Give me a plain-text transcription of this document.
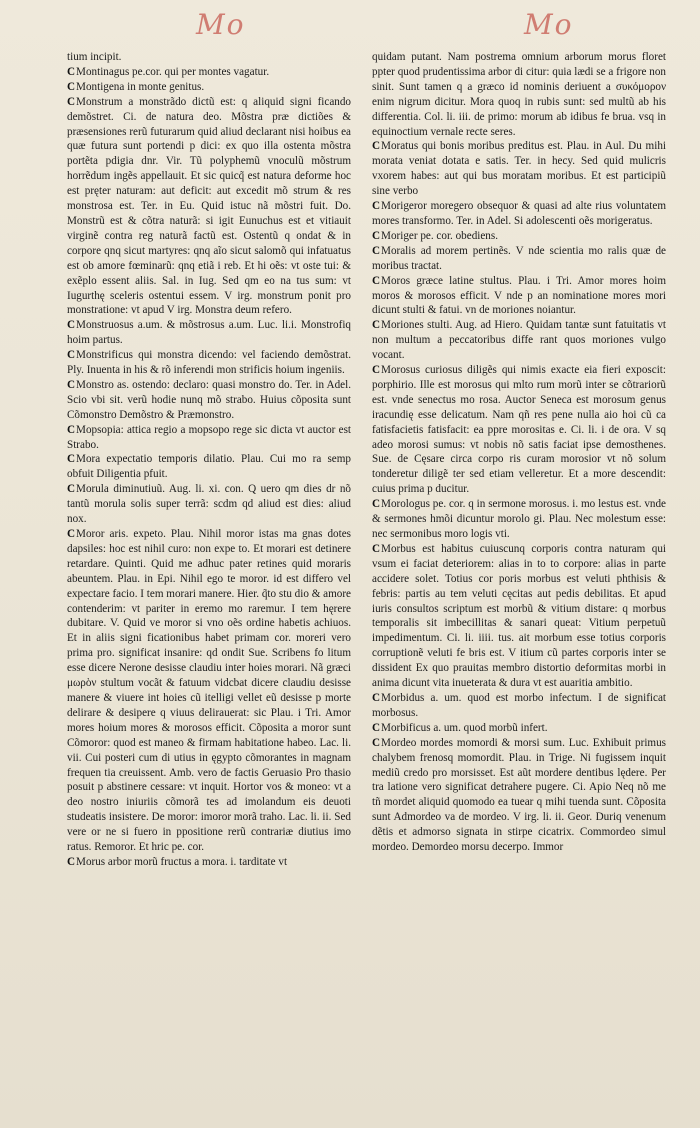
Mo	Mo

tium incipit.

CMontinagus pe.cor. qui per montes vagatur.

CMontigena in monte genitus.

CMonstrum a monstrãdo dictũ est: q aliquid signi ficando demõstret. Ci. de natura deo. Mõstra præ dictiões & præsensiones rerũ futurarum quid aliud declarant nisi hoibus ea quæ futura sunt portendi p dici: ex quo illa ostenta mõstra portẽta pdigia dnr. Vir. Tũ polyphemũ vnoculũ mõstrum horrẽdum ingẽs appellauit. Et sic quicq̃ est natura deforme hoc est pręter naturam: aut deficit: aut excedit mõ strum & res monstrosa est. Ter. in Eu. Quid istuc nã mõstri fuit. Do. Monstrũ est & cõtra naturã: si igit Eunuchus est et vitiauit virginẽ contra reg naturã factũ est. Ostentũ q ondat & in corpore qnq sicut martyres: qnq aĩo sicut salomõ qui infatuatus est ob amore fœminarũ: qnq etiã i reb. Et hi oẽs: vt oste tui: & exẽplo essent aliis. Sal. in Iug. Sed qm eo na tus sum: vt Iugurthę sceleris ostentui essem. V irg. monstrum ponit pro monstratione: vt apud V irg. Monstra deum refero.

CMonstruosus a.um. & mõstrosus a.um. Luc. li.i. Monstrofiq hoim partus.

CMonstrificus qui monstra dicendo: vel faciendo demõstrat. Ply. Inuenta in his & rõ inferendi mon strificis hoium ingeniis.

CMonstro as. ostendo: declaro: quasi monstro do. Ter. in Adel. Scio vbi sit. verũ hodie nunq mõ strabo. Huius cõposita sunt Cõmonstro Demõstro & Præmonstro.

CMopsopia: attica regio a mopsopo rege sic dicta vt auctor est Strabo.

CMora expectatio temporis dilatio. Plau. Cui mo ra semp obfuit Diligentia pfuit.

CMorula diminutiuũ. Aug. li. xi. con. Q uero qm dies dr nõ tantũ morula solis super terrã: scdm qd aliud est dies: aliud nox.

CMoror aris. expeto. Plau. Nihil moror istas ma gnas dotes dapsiles: hoc est nihil curo: non expe to. Et morari est detinere retardare. Quinti. Quid me adhuc pater retines quid moraris abeuntem. Plau. in Epi. Nihil ego te moror. id est differo vel expectare facio. I tem morari manere. Hier. q̃to stu dio & amore contenderim: vt pariter in eremo mo raremur. I tem hęrere dubitare. V. Quid ve moror si vno oẽs ordine habetis achiuos. Et in aliis signi ficationibus habet primam cor. moreri vero prima pro. significat insanire: qd ondit Sue. Scribens fo litum esse dicere Nerone desisse claudiu inter hoies morari. Nã græci μωρὸν stultum vocãt & fatuum vidcbat dicere claudiu desisse manere & viuere int hoies cũ itelligi vellet eũ desisse p morte delirare & desipere q viuus delirauerat: sic Plau. i Tri. Amor mores hoium mores & morosos efficit. Cõposita a moror sunt Cõmoror: quod est maneo & firmam habitatione habeo. Lac. li. vii. Cui posteri cum di utius in ęgypto cõmorantes in magnam frequen tia creuissent. Amb. vero de factis Geruasio Pro thasio posuit p abstinere cessare: vt inquit. Hortor vos & moneo: vt a deo nostro iniuriis cõmorã tes ad imolandum eis deuoti studeatis insistere. De moror: imoror morã traho. Lac. li. ii. Sed vere or ne si fuero in ppositione rerũ contrariæ diutius imo ratus. Remoror. Et hric pe. cor.

CMorus arbor morũ fructus a mora. i. tarditate vt

quidam putant. Nam postrema omnium arborum morus floret ppter quod prudentissima arbor di citur: quia lædi se a frigore non sinit. Sunt tamen q a græco id nominis deriuent a συκόμορον enim nigrum dicitur. Mora quoq in rubis sunt: sed multũ ab his differentia. Col. li. iii. de primo: morum ab idibus fe brua. vsq in equinoctium vernale recte seres.

CMoratus qui bonis moribus preditus est. Plau. in Aul. Du mihi morata veniat dotata e satis. Ter. in hecy. Sed quid mulicris vxorem habes: aut qui bus moratam moribus. Et est participiũ sine verbo

CMorigeror moregero obsequor & quasi ad alte rius voluntatem mores transformo. Ter. in Adel. Si adolescenti oẽs morigeratus.

CMoriger pe. cor. obediens.

CMoralis ad morem pertinẽs. V nde scientia mo ralis quæ de moribus tractat.

CMoros græce latine stultus. Plau. i Tri. Amor mores hoim moros & morosos efficit. V nde p an nominatione mores mori dicunt stulti & fatui. vn de moriones noiantur.

CMoriones stulti. Aug. ad Hiero. Quidam tantæ sunt fatuitatis vt non multum a peccatoribus diffe rant quos moriones vulgo vocant.

CMorosus curiosus diligẽs qui nimis exacte eia fieri exposcit: porphirio. Ille est morosus qui mlto rum morũ inter se cõtrariorũ est. vnde senectus mo rosa. Auctor Seneca est morosum genus iracundię esse delicatum. Nam qñ res pene nulla aio hoi cũ ca fatisfacietis fatisfacit: ea ppre morositas e. Ci. li. i de ora. V sq adeo morosi sumus: vt nobis nõ satis faciat ipse demosthenes. Sue. de Cęsare circa corpo ris curam morosior vt nõ solum tonderetur diligẽ ter sed etiam velleretur. Et a more descendit: cuius prima p ducitur.

CMorologus pe. cor. q in sermone morosus. i. mo lestus est. vnde & sermones hmõi dicuntur morolo gi. Plau. Nec molestum esse: nec sermonibus moro logis vti.

CMorbus est habitus cuiuscunq corporis contra naturam qui vsum ei faciat deteriorem: alias in to to corpore: alias in parte accidere solet. Totius cor poris morbus est veluti phthisis & febris: partis au tem veluti cęcitas aut pedis debilitas. Et apud iuris consultos scriptum est morbũ & vitium distare: q morbus temporalis sit imbecillitas & sanari queat: Vitium perpetuũ impedimentum. Ci. li. iiii. tus. ait morbum esse totius corporis corruptionẽ veluti fe bris est. V itium cũ partes corporis inter se dissident Ex quo prauitas membro distortio deformitas morbi in anima dicunt vita inueterata & dura vt est auaritia ambitio.

CMorbidus a. um. quod est morbo infectum. I de significat morbosus.

CMorbificus a. um. quod morbũ infert.

CMordeo mordes momordi & morsi sum. Luc. Exhibuit primus chalybem frenosq momordit. Plau. in Trige. Ni fugissem inquit mediũ credo pro morsisset. Est aũt mordere dentibus lędere. Per tra latione vero significat detrahere pugere. Ci. Apio Neq nõ me tñ mordet aliquid quomodo ea tuear q mihi tuenda sunt. Cõposita sunt Admordeo va de mordeo. V irg. li. ii. Geor. Duriq venenum dẽtis et admorso signata in stirpe cicatrix. Commordeo simul mordeo. Demordeo morsu decerpo. Immor
